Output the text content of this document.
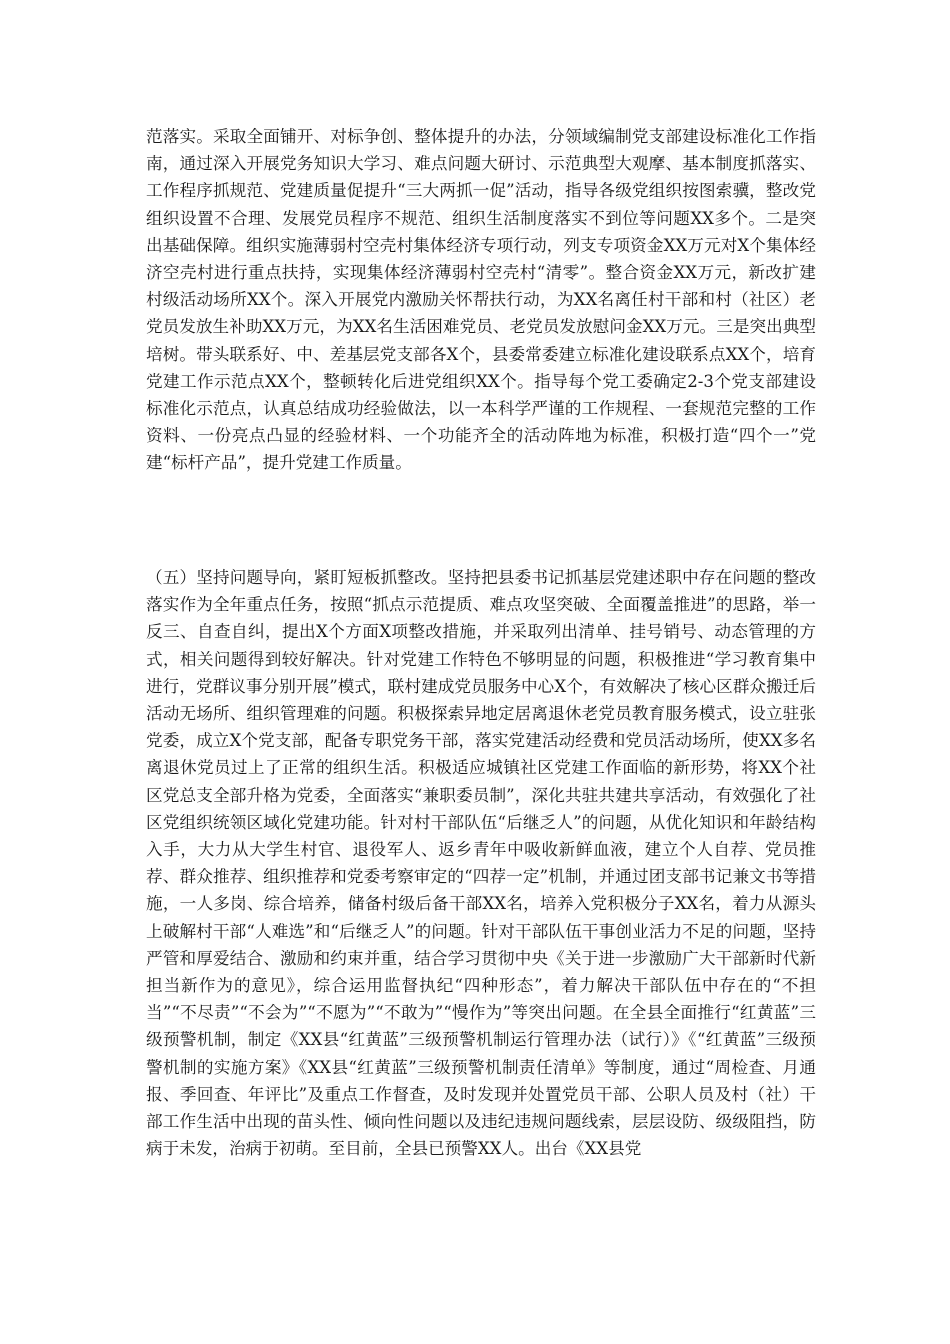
范落实。采取全面铺开、对标争创、整体提升的办法，分领域编制党支部建设标准化工作指南，通过深入开展党务知识大学习、难点问题大研讨、示范典型大观摩、基本制度抓落实、工作程序抓规范、党建质量促提升“三大两抓一促”活动，指导各级党组织按图索骥，整改党组织设置不合理、发展党员程序不规范、组织生活制度落实不到位等问题XX多个。二是突出基础保障。组织实施薄弱村空壳村集体经济专项行动，列支专项资金XX万元对X个集体经济空壳村进行重点扶持，实现集体经济薄弱村空壳村“清零”。整合资金XX万元，新改扩建村级活动场所XX个。深入开展党内激励关怀帮扶行动，为XX名离任村干部和村（社区）老党员发放生补助XX万元，为XX名生活困难党员、老党员发放慰问金XX万元。三是突出典型培树。带头联系好、中、差基层党支部各X个，县委常委建立标准化建设联系点XX个，培育党建工作示范点XX个，整顿转化后进党组织XX个。指导每个党工委确定2-3个党支部建设标准化示范点，认真总结成功经验做法，以一本科学严谨的工作规程、一套规范完整的工作资料、一份亮点凸显的经验材料、一个功能齐全的活动阵地为标准，积极打造“四个一”党建“标杆产品”，提升党建工作质量。

（五）坚持问题导向，紧盯短板抓整改。坚持把县委书记抓基层党建述职中存在问题的整改落实作为全年重点任务，按照“抓点示范提质、难点攻坚突破、全面覆盖推进”的思路，举一反三、自查自纠，提出X个方面X项整改措施，并采取列出清单、挂号销号、动态管理的方式，相关问题得到较好解决。针对党建工作特色不够明显的问题，积极推进“学习教育集中进行，党群议事分别开展”模式，联村建成党员服务中心X个，有效解决了核心区群众搬迁后活动无场所、组织管理难的问题。积极探索异地定居离退休老党员教育服务模式，设立驻张党委，成立X个党支部，配备专职党务干部，落实党建活动经费和党员活动场所，使XX多名离退休党员过上了正常的组织生活。积极适应城镇社区党建工作面临的新形势，将XX个社区党总支全部升格为党委，全面落实“兼职委员制”，深化共驻共建共享活动，有效强化了社区党组织统领区域化党建功能。针对村干部队伍“后继乏人”的问题，从优化知识和年龄结构入手，大力从大学生村官、退役军人、返乡青年中吸收新鲜血液，建立个人自荐、党员推荐、群众推荐、组织推荐和党委考察审定的“四荐一定”机制，并通过团支部书记兼文书等措施，一人多岗、综合培养，储备村级后备干部XX名，培养入党积极分子XX名，着力从源头上破解村干部“人难选”和“后继乏人”的问题。针对干部队伍干事创业活力不足的问题，坚持严管和厚爱结合、激励和约束并重，结合学习贯彻中央《关于进一步激励广大干部新时代新担当新作为的意见》，综合运用监督执纪“四种形态”，着力解决干部队伍中存在的“不担当”“不尽责”“不会为”“不愿为”“不敢为”“慢作为”等突出问题。在全县全面推行“红黄蓝”三级预警机制，制定《XX县“红黄蓝”三级预警机制运行管理办法（试行）》《“红黄蓝”三级预警机制的实施方案》《XX县“红黄蓝”三级预警机制责任清单》等制度，通过“周检查、月通报、季回查、年评比”及重点工作督查，及时发现并处置党员干部、公职人员及村（社）干部工作生活中出现的苗头性、倾向性问题以及违纪违规问题线索，层层设防、级级阻挡，防病于未发，治病于初萌。至目前，全县已预警XX人。出台《XX县党
